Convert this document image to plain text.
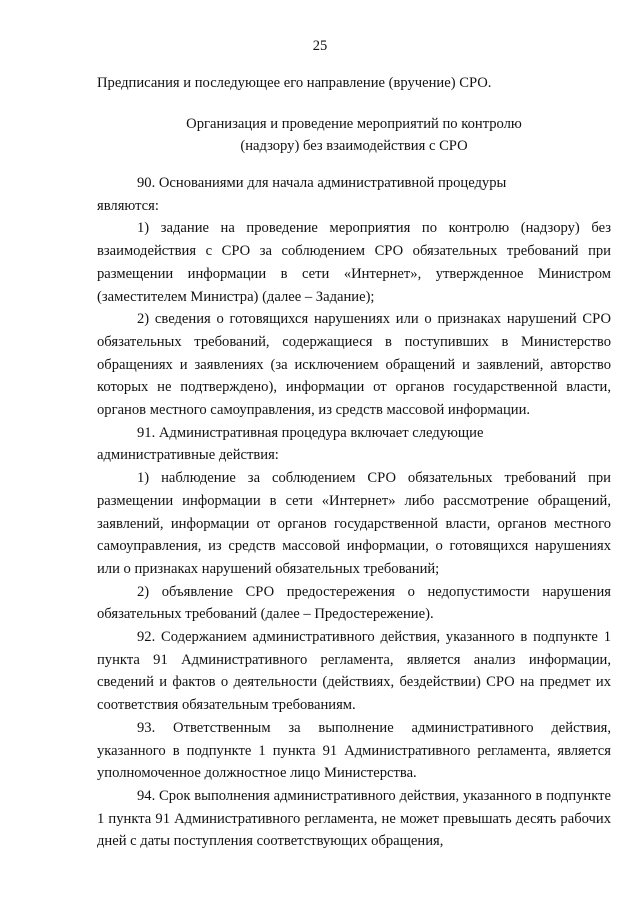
25

Предписания и последующее его направление (вручение) СРО.

Организация и проведение мероприятий по контролю
(надзору) без взаимодействия с СРО

90. Основаниями для начала административной процедуры

являются:

1) задание на проведение мероприятия по контролю (надзору) без взаимодействия с СРО за соблюдением СРО обязательных требований при размещении информации в сети «Интернет», утвержденное Министром (заместителем Министра) (далее – Задание);

2) сведения о готовящихся нарушениях или о признаках нарушений СРО обязательных требований, содержащиеся в поступивших в Министерство обращениях и заявлениях (за исключением обращений и заявлений, авторство которых не подтверждено), информации от органов государственной власти, органов местного самоуправления, из средств массовой информации.

91. Административная процедура включает следующие

административные действия:

1) наблюдение за соблюдением СРО обязательных требований при размещении информации в сети «Интернет» либо рассмотрение обращений, заявлений, информации от органов государственной власти, органов местного самоуправления, из средств массовой информации, о готовящихся нарушениях или о признаках нарушений обязательных требований;

2) объявление СРО предостережения о недопустимости нарушения обязательных требований (далее – Предостережение).

92. Содержанием административного действия, указанного в подпункте 1 пункта 91 Административного регламента, является анализ информации, сведений и фактов о деятельности (действиях, бездействии) СРО на предмет их соответствия обязательным требованиям.

93. Ответственным за выполнение административного действия, указанного в подпункте 1 пункта 91 Административного регламента, является уполномоченное должностное лицо Министерства.

94. Срок выполнения административного действия, указанного в подпункте 1 пункта 91 Административного регламента, не может превышать десять рабочих дней с даты поступления соответствующих обращения,
